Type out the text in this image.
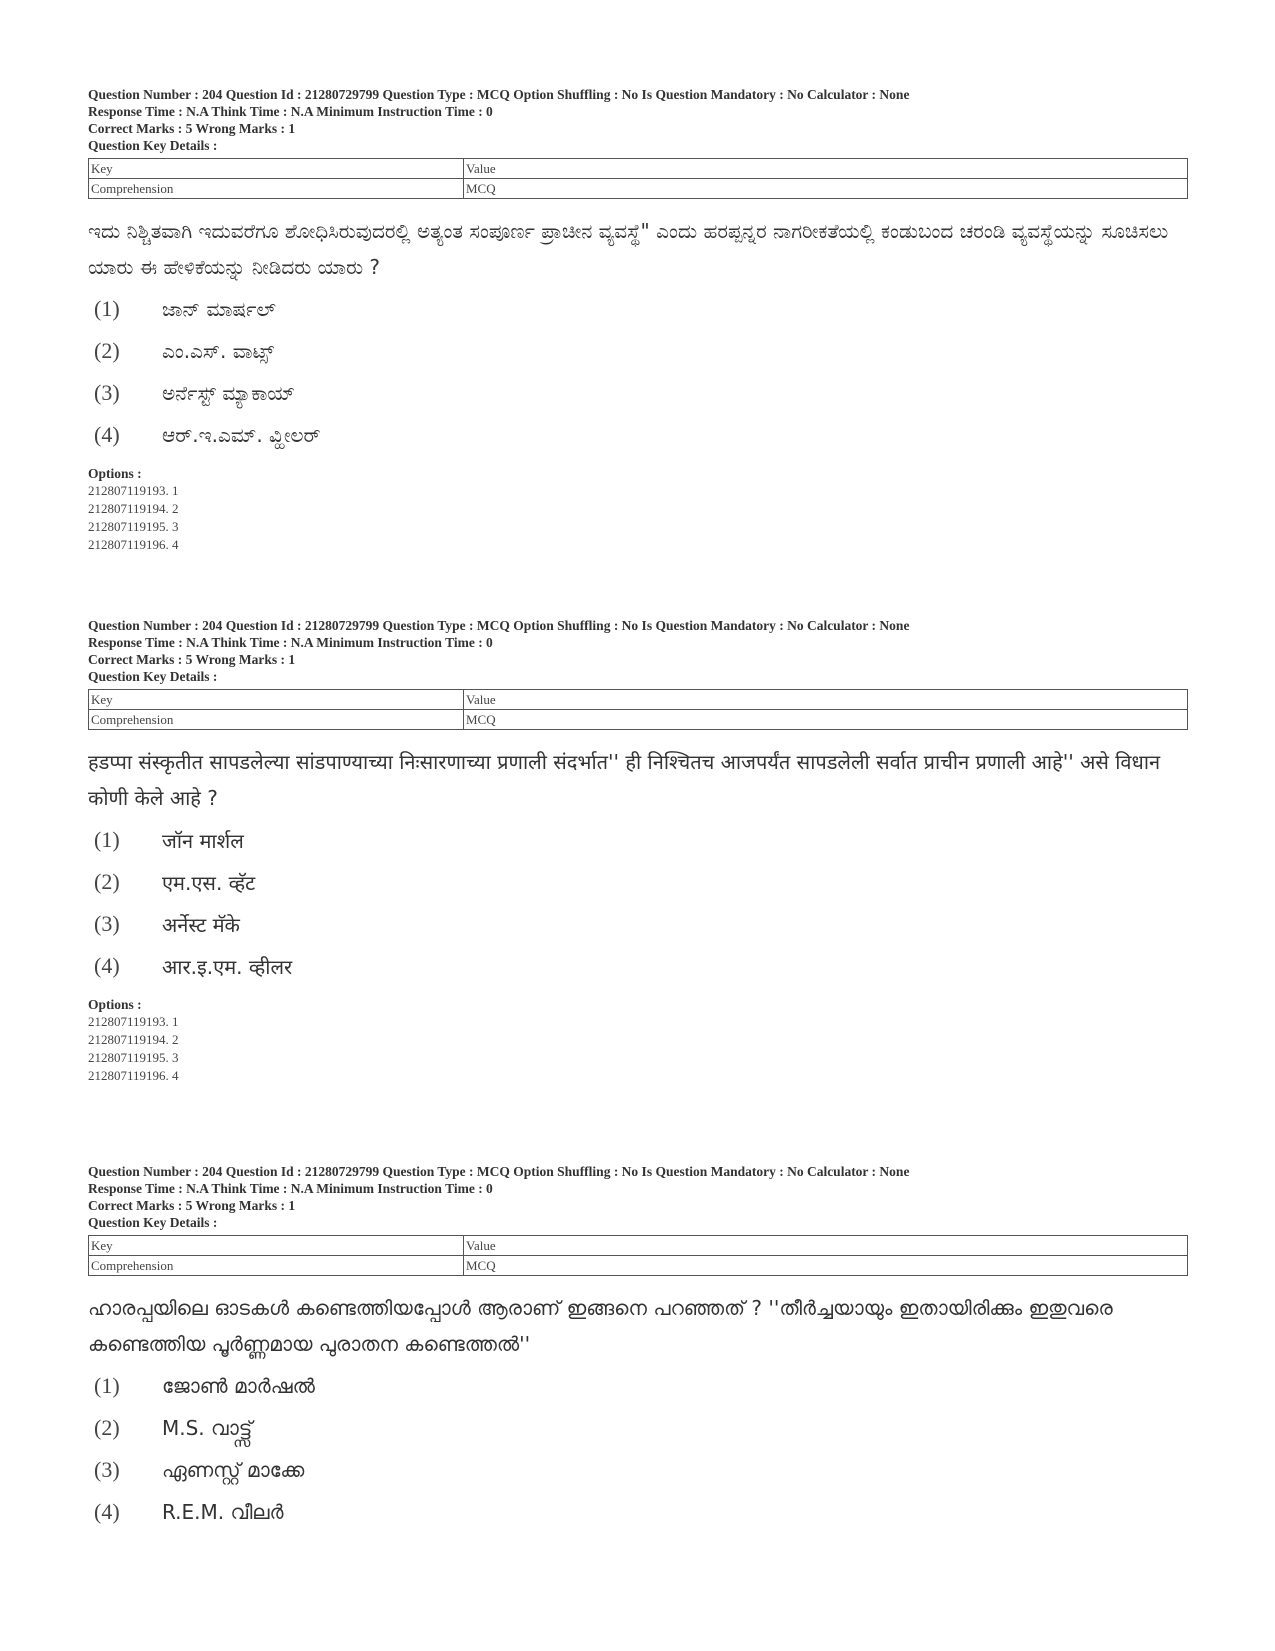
Question Number : 204 Question Id : 21280729799 Question Type : MCQ Option Shuffling : No Is Question Mandatory : No Calculator : None
Response Time : N.A Think Time : N.A Minimum Instruction Time : 0
Correct Marks : 5 Wrong Marks : 1
Question Key Details :
Key	Value
Comprehension	MCQ
ಇದು ನಿಶ್ಚಿತವಾಗಿ ಇದುವರೆಗೂ ಶೋಧಿಸಿರುವುದರಲ್ಲಿ ಅತ್ಯಂತ ಸಂಪೂರ್ಣ ಪ್ರಾಚೀನ ವ್ಯವಸ್ಥೆ" ಎಂದು ಹರಪ್ಪನ್ನರ ನಾಗರೀಕತೆಯಲ್ಲಿ ಕಂಡುಬಂದ ಚರಂಡಿ ವ್ಯವಸ್ಥೆಯನ್ನು ಸೂಚಿಸಲು ಯಾರು ಈ ಹೇಳಿಕೆಯನ್ನು ನೀಡಿದರು ಯಾರು ?
(1)	ಜಾನ್ ಮಾರ್ಷಲ್
(2)	ಎಂ.ಎಸ್. ವಾಟ್ಸ್
(3)	ಅರ್ನೆಸ್ಟ್ ಮ್ಯಾಕಾಯ್
(4)	ಆರ್.ಇ.ಎಮ್. ವ್ಹೀಲರ್
Options :
212807119193. 1
212807119194. 2
212807119195. 3
212807119196. 4
Question Number : 204 Question Id : 21280729799 Question Type : MCQ Option Shuffling : No Is Question Mandatory : No Calculator : None
Response Time : N.A Think Time : N.A Minimum Instruction Time : 0
Correct Marks : 5 Wrong Marks : 1
Question Key Details :
Key	Value
Comprehension	MCQ
हडप्पा संस्कृतीत सापडलेल्या सांडपाण्याच्या निःसारणाच्या प्रणाली संदर्भात'' ही निश्चितच आजपर्यंत सापडलेली सर्वात प्राचीन प्रणाली आहे'' असे विधान कोणी केले आहे ?
(1)	जॉन मार्शल
(2)	एम.एस. व्हॅट
(3)	अर्नेस्ट मॅके
(4)	आर.इ.एम. व्हीलर
Options :
212807119193. 1
212807119194. 2
212807119195. 3
212807119196. 4
Question Number : 204 Question Id : 21280729799 Question Type : MCQ Option Shuffling : No Is Question Mandatory : No Calculator : None
Response Time : N.A Think Time : N.A Minimum Instruction Time : 0
Correct Marks : 5 Wrong Marks : 1
Question Key Details :
Key	Value
Comprehension	MCQ
ഹാരപ്പയിലെ ഓടകൾ കണ്ടെത്തിയപ്പോൾ ആരാണ് ഇങ്ങനെ പറഞ്ഞത് ? ''തീർച്ചയായും ഇതായിരിക്കും ഇതുവരെ കണ്ടെത്തിയ പൂർണ്ണമായ പുരാതന കണ്ടെത്തൽ''
(1)	ജോൺ മാർഷൽ
(2)	M.S. വാട്ട്സ്
(3)	ഏണസ്റ്റ് മാക്കേ
(4)	R.E.M. വീലർ
